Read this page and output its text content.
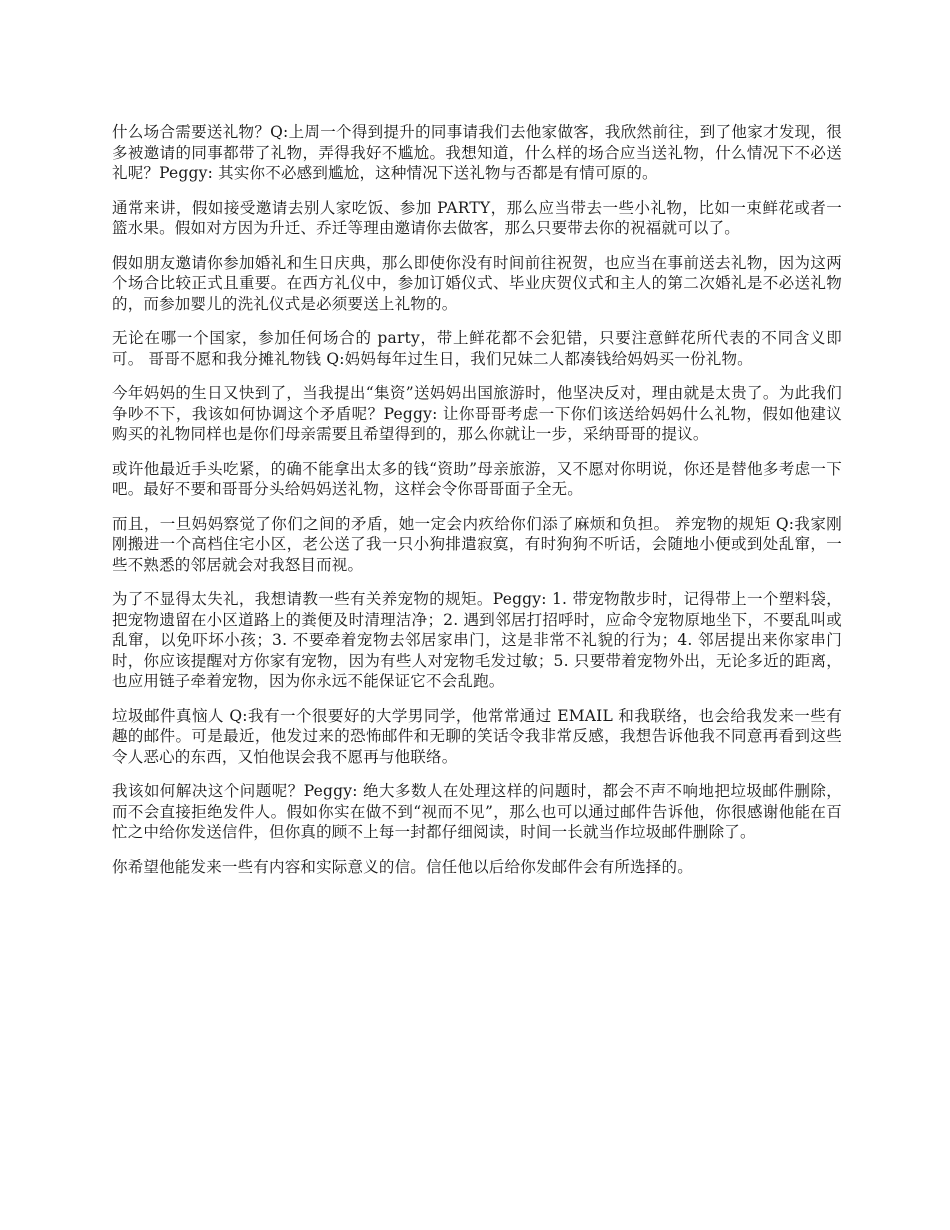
什么场合需要送礼物？Q:上周一个得到提升的同事请我们去他家做客，我欣然前往，到了他家才发现，很多被邀请的同事都带了礼物，弄得我好不尴尬。我想知道，什么样的场合应当送礼物，什么情况下不必送礼呢？Peggy: 其实你不必感到尴尬，这种情况下送礼物与否都是有情可原的。

通常来讲，假如接受邀请去别人家吃饭、参加 PARTY，那么应当带去一些小礼物，比如一束鲜花或者一篮水果。假如对方因为升迁、乔迁等理由邀请你去做客，那么只要带去你的祝福就可以了。

假如朋友邀请你参加婚礼和生日庆典，那么即使你没有时间前往祝贺，也应当在事前送去礼物，因为这两个场合比较正式且重要。在西方礼仪中，参加订婚仪式、毕业庆贺仪式和主人的第二次婚礼是不必送礼物的，而参加婴儿的洗礼仪式是必须要送上礼物的。

无论在哪一个国家，参加任何场合的 party，带上鲜花都不会犯错，只要注意鲜花所代表的不同含义即可。 哥哥不愿和我分摊礼物钱 Q:妈妈每年过生日，我们兄妹二人都凑钱给妈妈买一份礼物。

今年妈妈的生日又快到了，当我提出“集资”送妈妈出国旅游时，他坚决反对，理由就是太贵了。为此我们争吵不下，我该如何协调这个矛盾呢？Peggy: 让你哥哥考虑一下你们该送给妈妈什么礼物，假如他建议购买的礼物同样也是你们母亲需要且希望得到的，那么你就让一步，采纳哥哥的提议。

或许他最近手头吃紧，的确不能拿出太多的钱“资助”母亲旅游，又不愿对你明说，你还是替他多考虑一下吧。最好不要和哥哥分头给妈妈送礼物，这样会令你哥哥面子全无。

而且，一旦妈妈察觉了你们之间的矛盾，她一定会内疚给你们添了麻烦和负担。 养宠物的规矩 Q:我家刚刚搬进一个高档住宅小区，老公送了我一只小狗排遣寂寞，有时狗狗不听话，会随地小便或到处乱窜，一些不熟悉的邻居就会对我怒目而视。

为了不显得太失礼，我想请教一些有关养宠物的规矩。Peggy: 1. 带宠物散步时，记得带上一个塑料袋，把宠物遗留在小区道路上的粪便及时清理洁净；2. 遇到邻居打招呼时，应命令宠物原地坐下，不要乱叫或乱窜，以免吓坏小孩；3. 不要牵着宠物去邻居家串门，这是非常不礼貌的行为；4. 邻居提出来你家串门时，你应该提醒对方你家有宠物，因为有些人对宠物毛发过敏；5. 只要带着宠物外出，无论多近的距离，也应用链子牵着宠物，因为你永远不能保证它不会乱跑。

垃圾邮件真恼人 Q:我有一个很要好的大学男同学，他常常通过 EMAIL 和我联络，也会给我发来一些有趣的邮件。可是最近，他发过来的恐怖邮件和无聊的笑话令我非常反感，我想告诉他我不同意再看到这些令人恶心的东西，又怕他误会我不愿再与他联络。

我该如何解决这个问题呢？Peggy: 绝大多数人在处理这样的问题时，都会不声不响地把垃圾邮件删除，而不会直接拒绝发件人。假如你实在做不到“视而不见”，那么也可以通过邮件告诉他，你很感谢他能在百忙之中给你发送信件，但你真的顾不上每一封都仔细阅读，时间一长就当作垃圾邮件删除了。

你希望他能发来一些有内容和实际意义的信。信任他以后给你发邮件会有所选择的。
